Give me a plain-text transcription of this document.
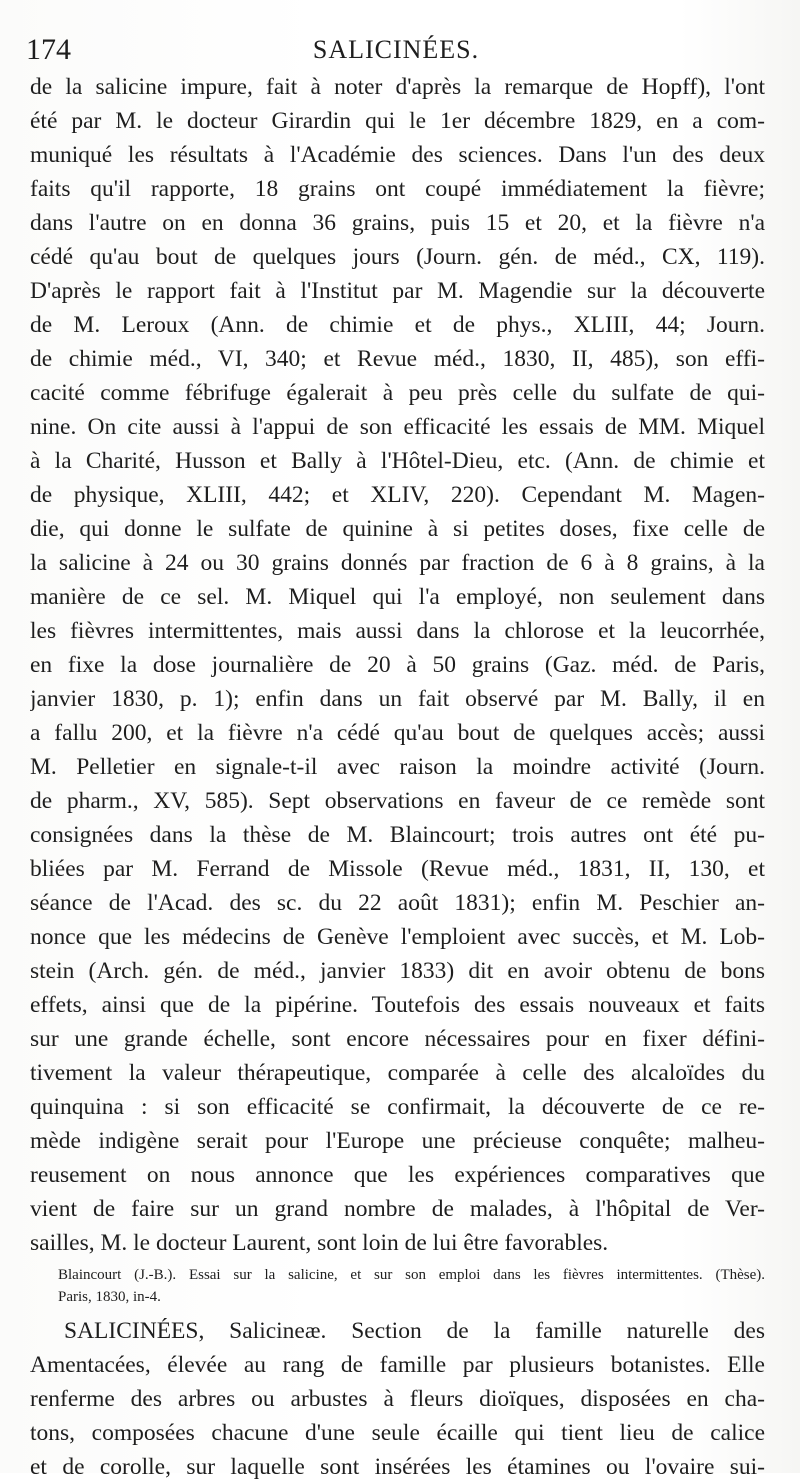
174	SALICINÉES.
de la salicine impure, fait à noter d'après la remarque de Hopff), l'ont
été par M. le docteur Girardin qui le 1er décembre 1829, en a com-
muniqué les résultats à l'Académie des sciences. Dans l'un des deux
faits qu'il rapporte, 18 grains ont coupé immédiatement la fièvre;
dans l'autre on en donna 36 grains, puis 15 et 20, et la fièvre n'a
cédé qu'au bout de quelques jours (Journ. gén. de méd., CX, 119).
D'après le rapport fait à l'Institut par M. Magendie sur la découverte
de M. Leroux (Ann. de chimie et de phys., XLIII, 44; Journ.
de chimie méd., VI, 340; et Revue méd., 1830, II, 485), son effi-
cacité comme fébrifuge égalerait à peu près celle du sulfate de qui-
nine. On cite aussi à l'appui de son efficacité les essais de MM. Miquel
à la Charité, Husson et Bally à l'Hôtel-Dieu, etc. (Ann. de chimie et
de physique, XLIII, 442; et XLIV, 220). Cependant M. Magen-
die, qui donne le sulfate de quinine à si petites doses, fixe celle de
la salicine à 24 ou 30 grains donnés par fraction de 6 à 8 grains, à la
manière de ce sel. M. Miquel qui l'a employé, non seulement dans
les fièvres intermittentes, mais aussi dans la chlorose et la leucorrhée,
en fixe la dose journalière de 20 à 50 grains (Gaz. méd. de Paris,
janvier 1830, p. 1); enfin dans un fait observé par M. Bally, il en
a fallu 200, et la fièvre n'a cédé qu'au bout de quelques accès; aussi
M. Pelletier en signale-t-il avec raison la moindre activité (Journ.
de pharm., XV, 585). Sept observations en faveur de ce remède sont
consignées dans la thèse de M. Blaincourt; trois autres ont été pu-
bliées par M. Ferrand de Missole (Revue méd., 1831, II, 130, et
séance de l'Acad. des sc. du 22 août 1831); enfin M. Peschier an-
nonce que les médecins de Genève l'emploient avec succès, et M. Lob-
stein (Arch. gén. de méd., janvier 1833) dit en avoir obtenu de bons
effets, ainsi que de la pipérine. Toutefois des essais nouveaux et faits
sur une grande échelle, sont encore nécessaires pour en fixer défini-
tivement la valeur thérapeutique, comparée à celle des alcaloïdes du
quinquina : si son efficacité se confirmait, la découverte de ce re-
mède indigène serait pour l'Europe une précieuse conquête; malheu-
reusement on nous annonce que les expériences comparatives que
vient de faire sur un grand nombre de malades, à l'hôpital de Ver-
sailles, M. le docteur Laurent, sont loin de lui être favorables.
Blaincourt (J.-B.). Essai sur la salicine, et sur son emploi dans les fièvres intermittentes. (Thèse).
Paris, 1830, in-4.
SALICINÉES, Salicineæ. Section de la famille naturelle des
Amentacées, élevée au rang de famille par plusieurs botanistes. Elle
renferme des arbres ou arbustes à fleurs dioïques, disposées en cha-
tons, composées chacune d'une seule écaille qui tient lieu de calice
et de corolle, sur laquelle sont insérées les étamines ou l'ovaire sui-
